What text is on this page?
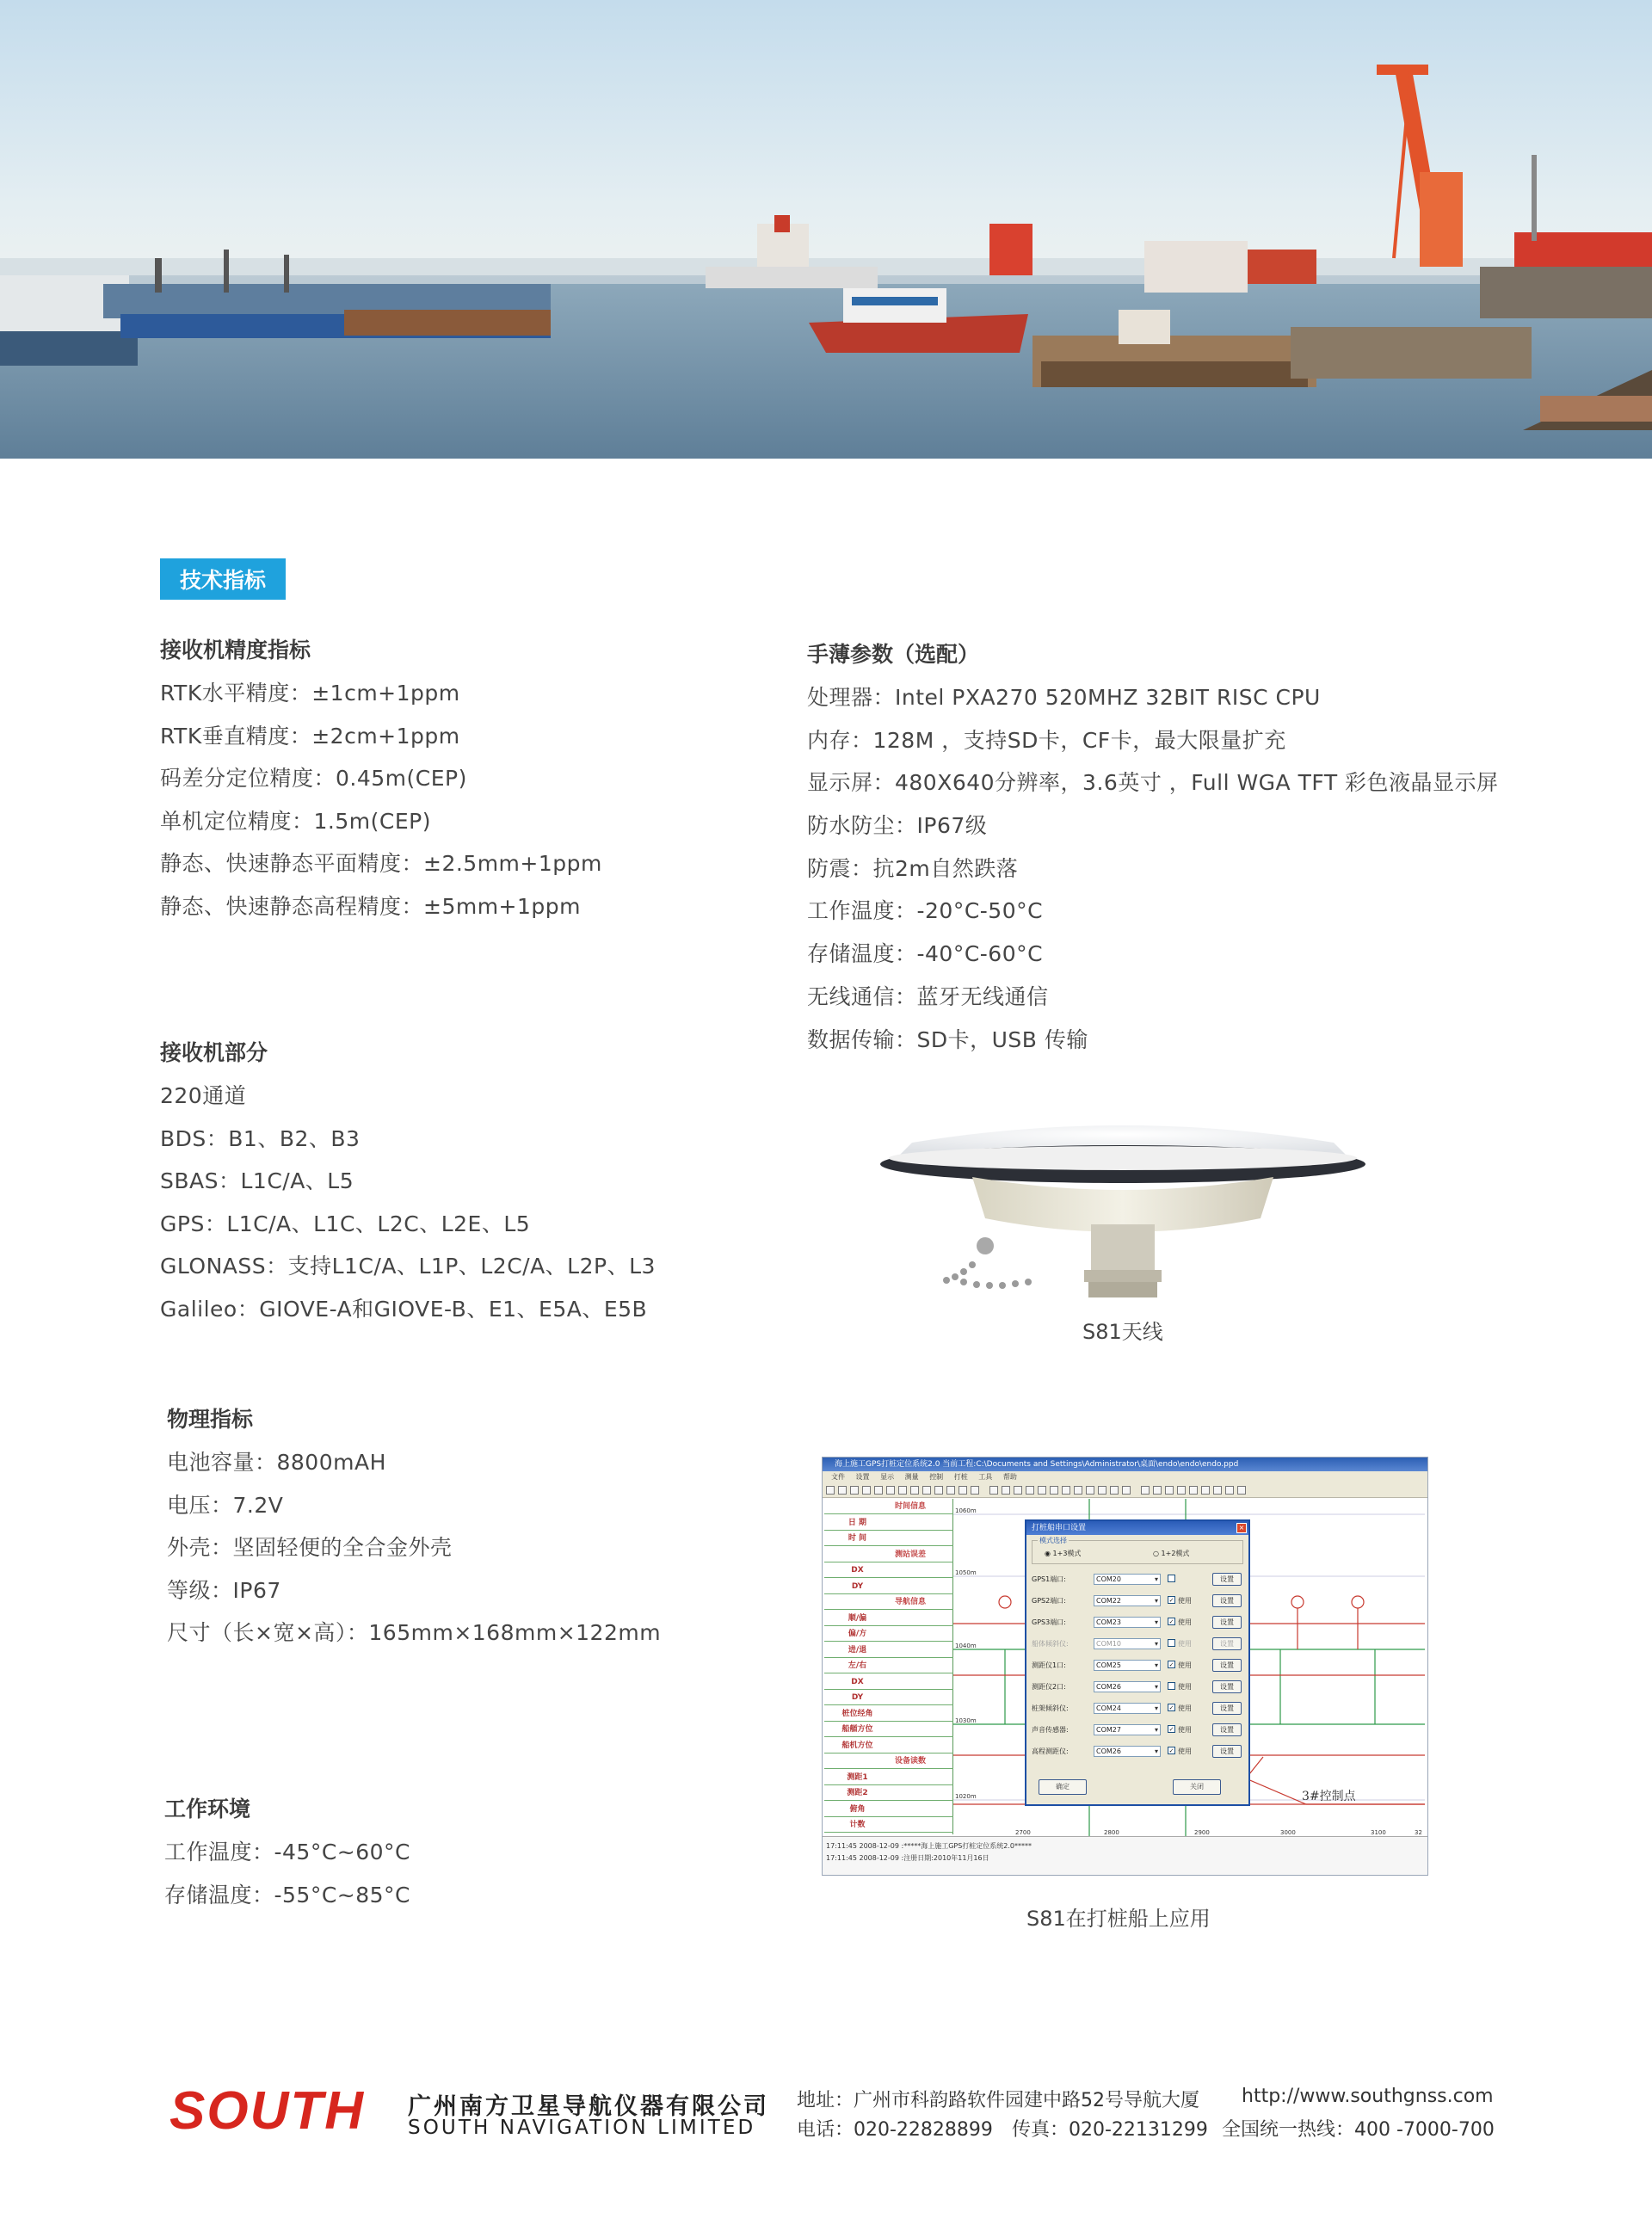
技术指标
接收机精度指标
RTK水平精度：±1cm+1ppm
RTK垂直精度：±2cm+1ppm
码差分定位精度：0.45m(CEP)
单机定位精度：1.5m(CEP)
静态、快速静态平面精度：±2.5mm+1ppm
静态、快速静态高程精度：±5mm+1ppm
手薄参数（选配）
处理器：Intel PXA270 520MHZ 32BIT RISC CPU
内存：128M ，支持SD卡，CF卡，最大限量扩充
显示屏：480X640分辨率，3.6英寸 ，Full WGA TFT 彩色液晶显示屏
防水防尘：IP67级
防震：抗2m自然跌落
工作温度：-20°C-50°C
存储温度：-40°C-60°C
无线通信：蓝牙无线通信
数据传输：SD卡，USB 传输
接收机部分
220通道
BDS：B1、B2、B3
SBAS：L1C/A、L5
GPS：L1C/A、L1C、L2C、L2E、L5
GLONASS：支持L1C/A、L1P、L2C/A、L2P、L3
Galileo：GIOVE-A和GIOVE-B、E1、E5A、E5B
物理指标
电池容量：8800mAH
电压：7.2V
外壳：坚固轻便的全合金外壳
等级：IP67
尺寸（长×宽×高）：165mm×168mm×122mm
工作环境
工作温度：-45°C~60°C
存储温度：-55°C~85°C
S81天线
海上施工GPS打桩定位系统2.0 当前工程:C:\Documents and Settings\Administrator\桌面\endo\endo\endo.ppd
文件 设置 显示 测量 控制 打桩 工具 帮助
时间信息
日 期
时 间
测站误差
DX
DY
导航信息
顺/偏
偏/方
进/退
左/右
DX
DY
桩位经角
船艏方位
船机方位
设备读数
测距1
测距2
俯角
计数
3#控制点
1060m
1050m
1040m
1030m
1020m
2700	2800	2900	3000	3100	32
打桩船串口设置	×
模式选择
◉ 1+3模式	○ 1+2模式
GPS1端口:	COM20 ▾	设置
GPS2端口:	COM22 ▾	✓ 使用	设置
GPS3端口:	COM23 ▾	✓ 使用	设置
船体倾斜仪:	COM10 ▾	使用	设置
测距仪1口:	COM25 ▾	✓ 使用	设置
测距仪2口:	COM26 ▾	使用	设置
桩架倾斜仪:	COM24 ▾	✓ 使用	设置
声音传感器:	COM27 ▾	✓ 使用	设置
高程测距仪:	COM26 ▾	✓ 使用	设置
确定	关闭
17:11:45 2008-12-09 :*****海上施工GPS打桩定位系统2.0*****
17:11:45 2008-12-09 :注册日期:2010年11月16日
S81在打桩船上应用
SOUTH 广州南方卫星导航仪器有限公司
SOUTH NAVIGATION LIMITED
地址：广州市科韵路软件园建中路52号导航大厦 http://www.southgnss.com
电话：020-22828899 传真：020-22131299 全国统一热线：400 -7000-700
